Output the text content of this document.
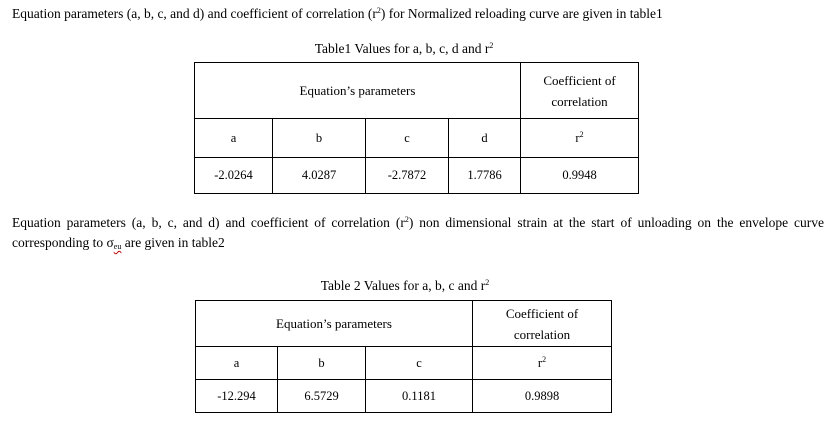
Equation parameters (a, b, c, and d) and coefficient of correlation $(r^2)$ for Normalized reloading curve are given in table1
Table1 Values for a, b, c, d and $r^2$
Equation’s parameters				Coefficient of
correlation

a	b	c	d	$r^2$
-2.0264	4.0287	-2.7872	1.7786	0.9948
Equation parameters (a, b, c, and d) and coefficient of correlation $(r^2)$ non dimensional strain at the start of unloading on the envelope curve corresponding to $\sigma_{eu}$ are given in table2
Table 2 Values for a, b, c and $r^2$
Equation’s parameters			Coefficient of
correlation

a	b	c	$r^2$
-12.294	6.5729	0.1181	0.9898
